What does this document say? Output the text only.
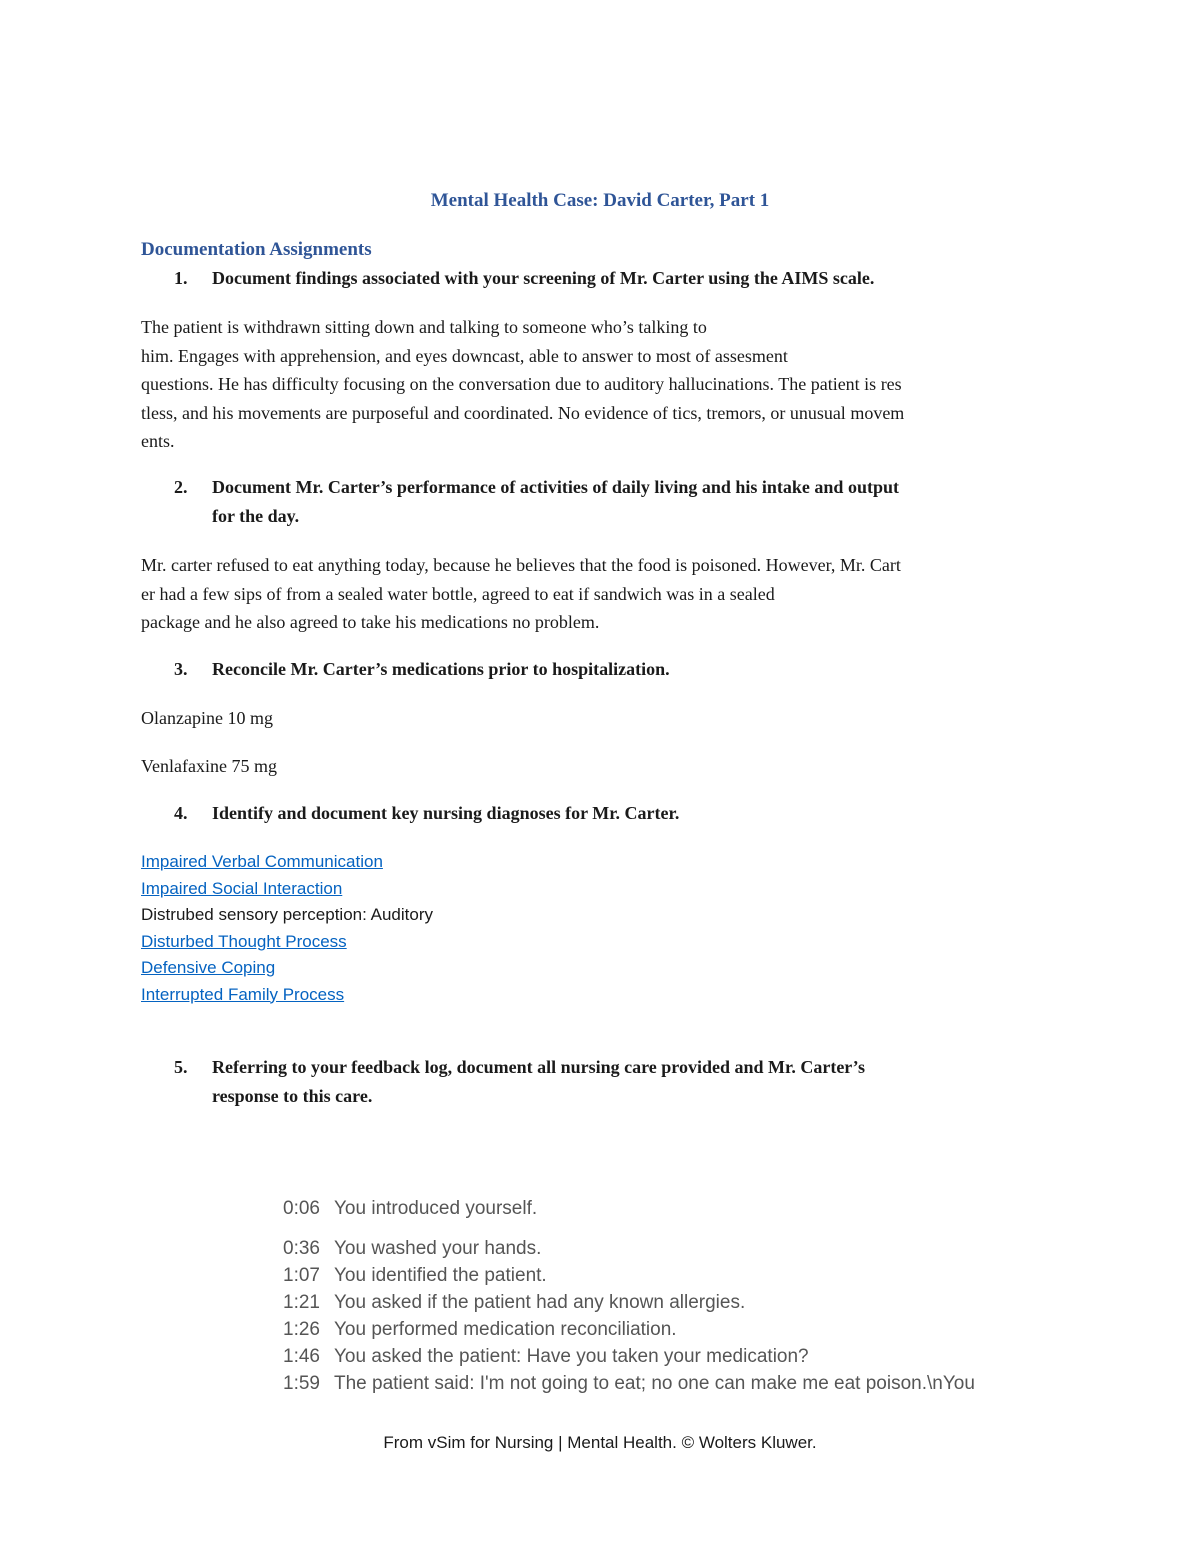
Mental Health Case: David Carter, Part 1
Documentation Assignments
1. Document findings associated with your screening of Mr. Carter using the AIMS scale.
The patient is withdrawn sitting down and talking to someone who’s talking to
him. Engages with apprehension, and eyes downcast, able to answer to most of assesment
questions. He has difficulty focusing on the conversation due to auditory hallucinations. The patient is res
tless, and his movements are purposeful and coordinated. No evidence of tics, tremors, or unusual movem
ents.
2. Document Mr. Carter’s performance of activities of daily living and his intake and output
for the day.
Mr. carter refused to eat anything today, because he believes that the food is poisoned. However, Mr. Cart
er had a few sips of from a sealed water bottle, agreed to eat if sandwich was in a sealed
package and he also agreed to take his medications no problem.
3. Reconcile Mr. Carter’s medications prior to hospitalization.
Olanzapine 10 mg
Venlafaxine 75 mg
4. Identify and document key nursing diagnoses for Mr. Carter.
Impaired Verbal Communication
Impaired Social Interaction
Distrubed sensory perception: Auditory
Disturbed Thought Process
Defensive Coping
Interrupted Family Process
5. Referring to your feedback log, document all nursing care provided and Mr. Carter’s
response to this care.
0:06 You introduced yourself.
0:36 You washed your hands.
1:07 You identified the patient.
1:21 You asked if the patient had any known allergies.
1:26 You performed medication reconciliation.
1:46 You asked the patient: Have you taken your medication?
1:59 The patient said: I'm not going to eat; no one can make me eat poison.\nYou
From vSim for Nursing | Mental Health. © Wolters Kluwer.
